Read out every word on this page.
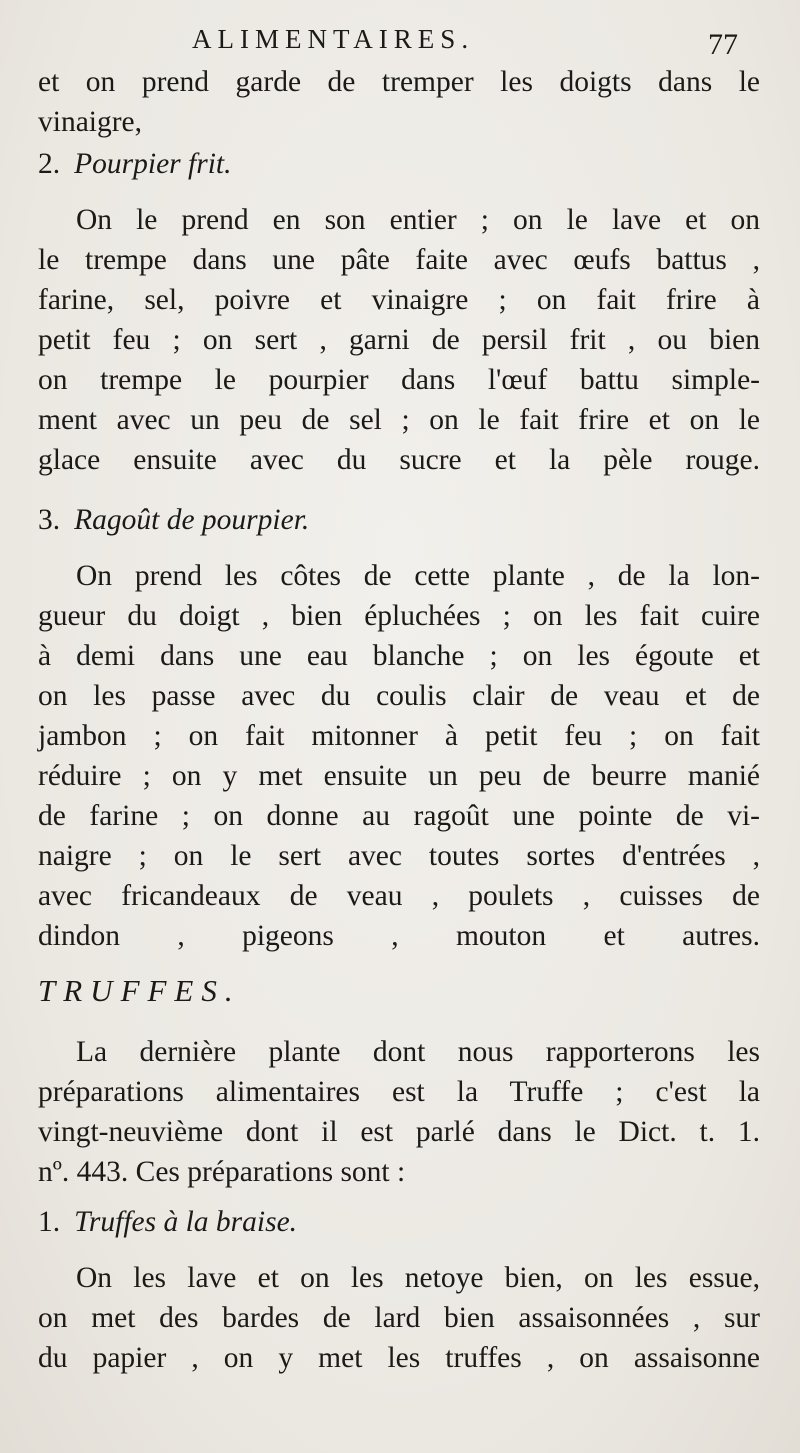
ALIMENTAIRES.	77

et on prend garde de tremper les doigts dans le
vinaigre,

2. Pourpier frit.

On le prend en son entier ; on le lave et on
le trempe dans une pâte faite avec œufs battus ,
farine, sel, poivre et vinaigre ; on fait frire à
petit feu ; on sert , garni de persil frit , ou bien
on trempe le pourpier dans l'œuf battu simple-
ment avec un peu de sel ; on le fait frire et on le
glace ensuite avec du sucre et la pèle rouge.

3. Ragoût de pourpier.

On prend les côtes de cette plante , de la lon-
gueur du doigt , bien épluchées ; on les fait cuire
à demi dans une eau blanche ; on les égoute et
on les passe avec du coulis clair de veau et de
jambon ; on fait mitonner à petit feu ; on fait
réduire ; on y met ensuite un peu de beurre manié
de farine ; on donne au ragoût une pointe de vi-
naigre ; on le sert avec toutes sortes d'entrées ,
avec fricandeaux de veau , poulets , cuisses de
dindon , pigeons , mouton et autres.

TRUFFES.

La dernière plante dont nous rapporterons les
préparations alimentaires est la Truffe ; c'est la
vingt-neuvième dont il est parlé dans le Dict. t. 1.
nº. 443. Ces préparations sont :

1. Truffes à la braise.

On les lave et on les netoye bien, on les essue,
on met des bardes de lard bien assaisonnées , sur
du papier , on y met les truffes , on assaisonne
